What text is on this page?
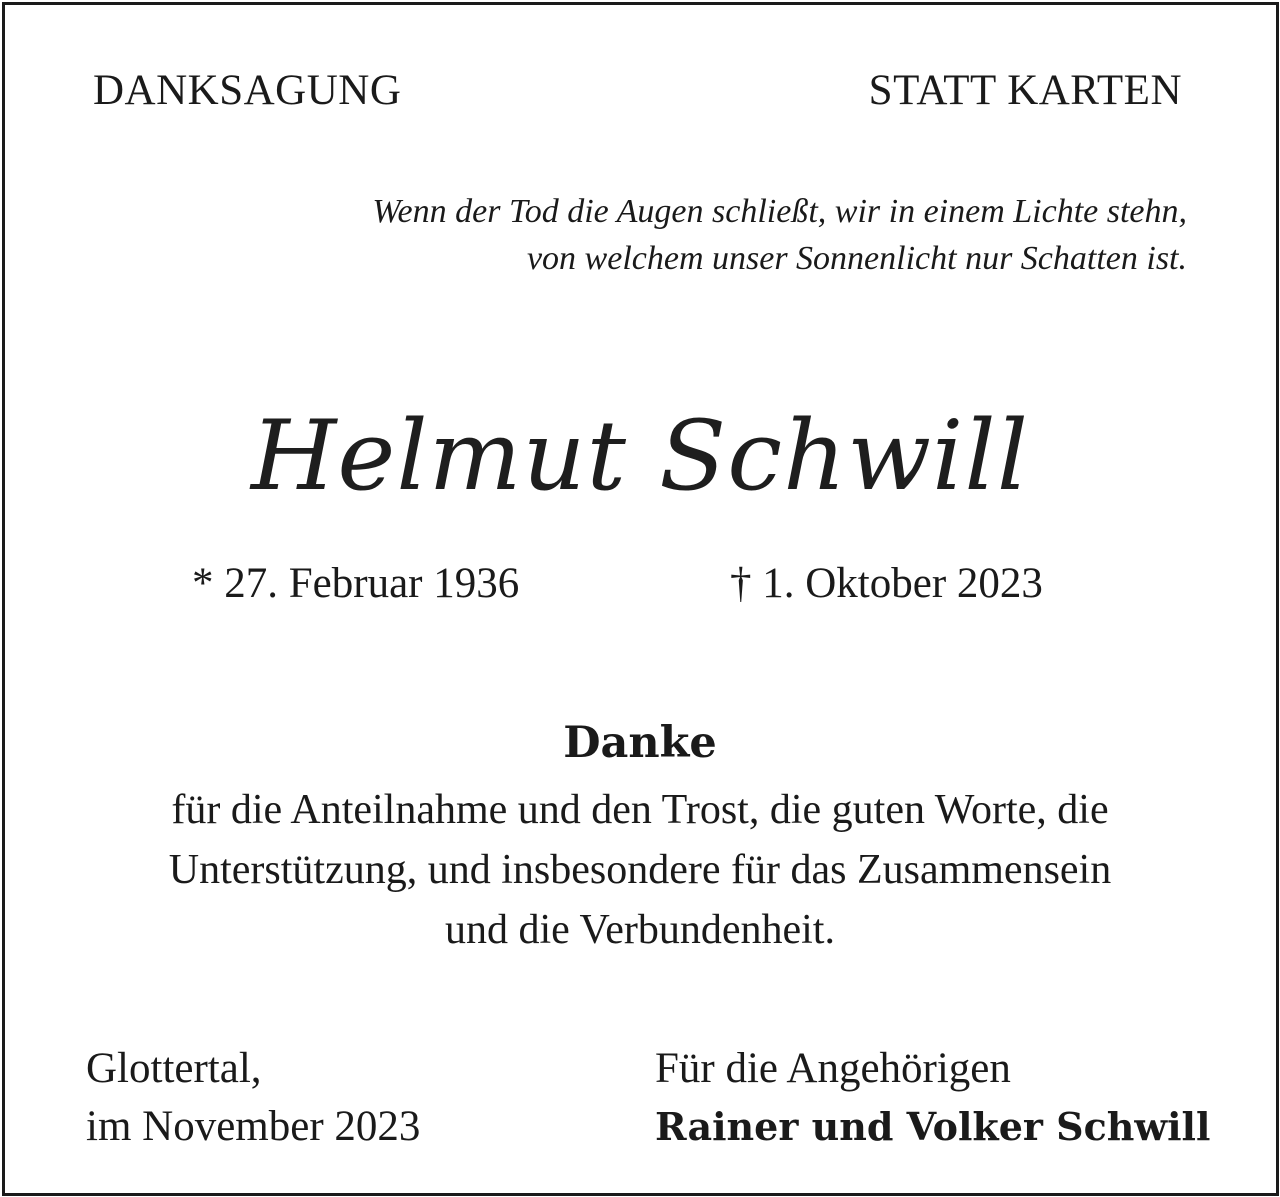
DANKSAGUNG	STATT KARTEN
Wenn der Tod die Augen schließt, wir in einem Lichte stehn,
von welchem unser Sonnenlicht nur Schatten ist.
Helmut Schwill
* 27. Februar 1936	† 1. Oktober 2023
Danke
für die Anteilnahme und den Trost, die guten Worte, die
Unterstützung, und insbesondere für das Zusammensein
und die Verbundenheit.
Glottertal,
im November 2023
Für die Angehörigen
Rainer und Volker Schwill
